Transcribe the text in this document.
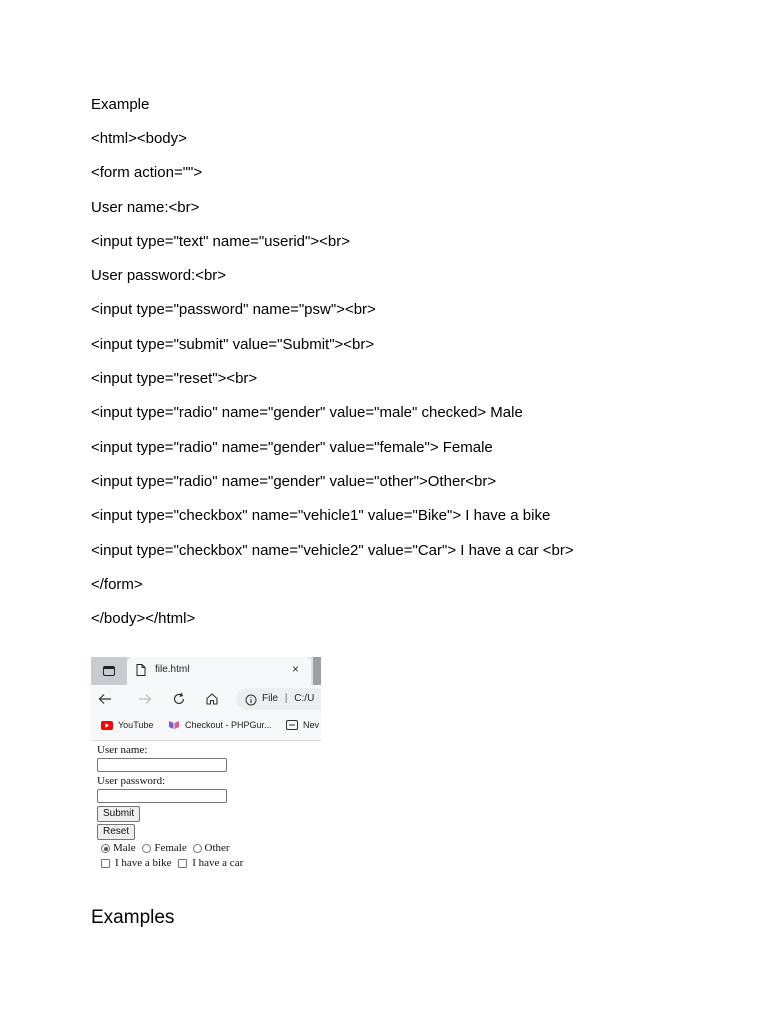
Example
<html><body>
<form action="">
User name:<br>
<input type="text" name="userid"><br>
User password:<br>
<input type="password" name="psw"><br>
<input type="submit" value="Submit"><br>
<input type="reset"><br>
<input type="radio" name="gender" value="male" checked> Male
<input type="radio" name="gender" value="female"> Female
<input type="radio" name="gender" value="other">Other<br>
<input type="checkbox" name="vehicle1" value="Bike"> I have a bike
<input type="checkbox" name="vehicle2" value="Car"> I have a car <br>
</form>
</body></html>
file.html	×
File | C:/U
YouTube	Checkout - PHPGur...	Nev
User name:
User password:
Submit
Reset
Male Female Other
I have a bike I have a car
Examples
